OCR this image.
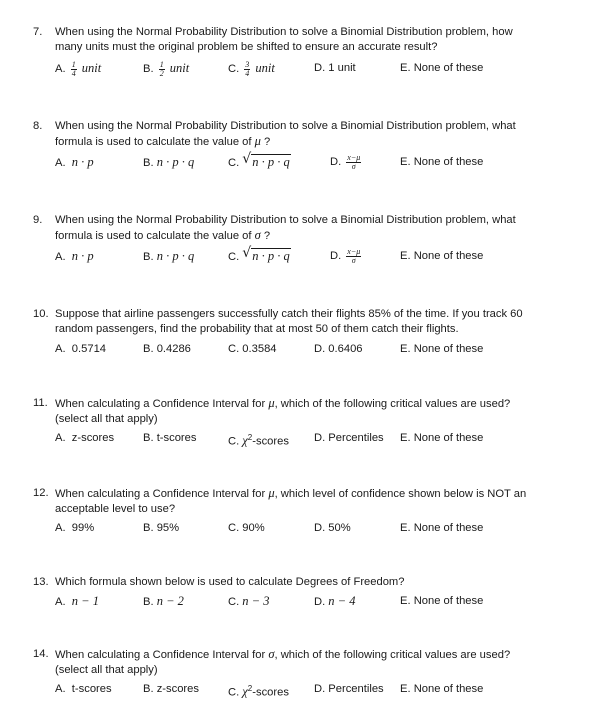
7. When using the Normal Probability Distribution to solve a Binomial Distribution problem, how
many units must the original problem be shifted to ensure an accurate result?
A. $\frac{1}{4}$ unit	B. $\frac{1}{2}$ unit	C. $\frac{3}{4}$ unit	D. 1 unit	E. None of these
8. When using the Normal Probability Distribution to solve a Binomial Distribution problem, what
formula is used to calculate the value of μ ?
A. n · p	B. n · p · q	C. √ n · p · q	D. $\frac{x-\mu}{\sigma}$	E. None of these
9. When using the Normal Probability Distribution to solve a Binomial Distribution problem, what
formula is used to calculate the value of σ ?
A. n · p	B. n · p · q	C. √ n · p · q	D. $\frac{x-\mu}{\sigma}$	E. None of these
10. Suppose that airline passengers successfully catch their flights 85% of the time. If you track 60
random passengers, find the probability that at most 50 of them catch their flights.
A. 0.5714	B. 0.4286	C. 0.3584	D. 0.6406	E. None of these
11. When calculating a Confidence Interval for μ, which of the following critical values are used?
(select all that apply)
A. z-scores	B. t-scores	C. $\chi^2$-scores D. Percentiles E. None of these
12. When calculating a Confidence Interval for μ, which level of confidence shown below is NOT an
acceptable level to use?
A. 99%	B. 95%	C. 90%	D. 50%	E. None of these
13. Which formula shown below is used to calculate Degrees of Freedom?
A. n − 1	B. n − 2	C. n − 3	D. n − 4	E. None of these
14. When calculating a Confidence Interval for σ, which of the following critical values are used?
(select all that apply)
A. t-scores	B. z-scores	C. $\chi^2$-scores D. Percentiles E. None of these
